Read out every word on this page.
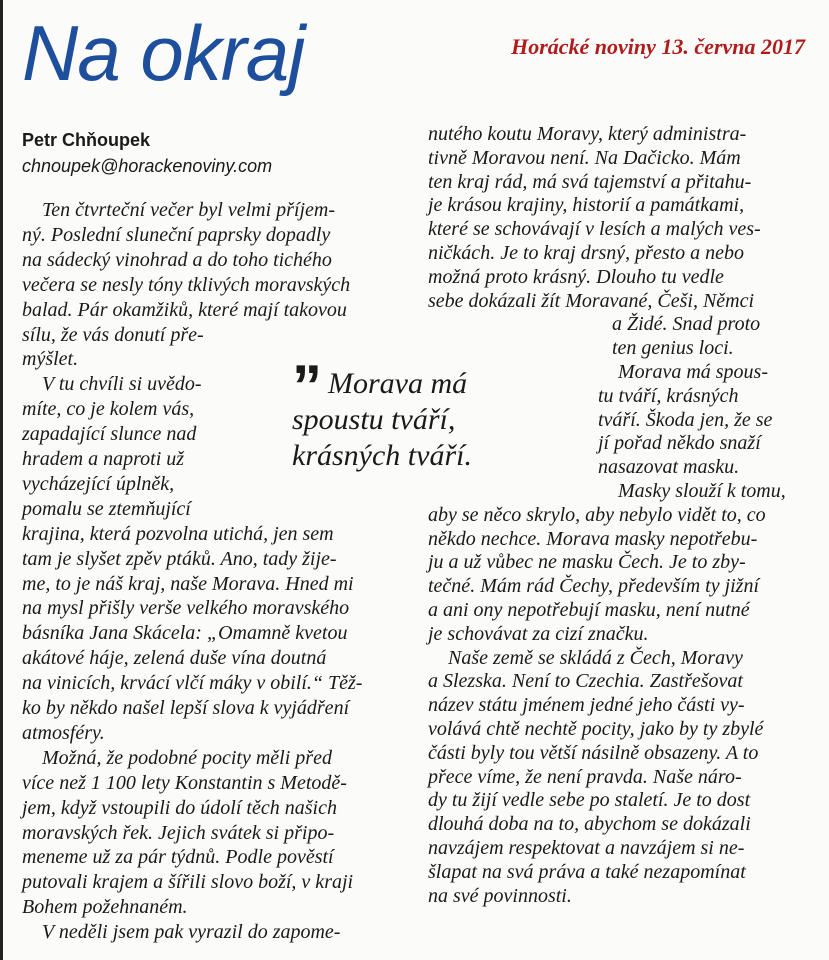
Na okraj	Horácké noviny 13. června 2017
Petr Chňoupek
chnoupek@horackenoviny.com
Ten čtvrteční večer byl velmi příjem-
ný. Poslední sluneční paprsky dopadly
na sádecký vinohrad a do toho tichého
večera se nesly tóny tklivých moravských
balad. Pár okamžiků, které mají takovou
sílu, že vás donutí pře-
mýšlet.
V tu chvíli si uvědo-
míte, co je kolem vás,
zapadající slunce nad
hradem a naproti už
vycházející úplněk,
pomalu se ztemňující
krajina, která pozvolna utichá, jen sem
tam je slyšet zpěv ptáků. Ano, tady žije-
me, to je náš kraj, naše Morava. Hned mi
na mysl přišly verše velkého moravského
básníka Jana Skácela: „Omamně kvetou
akátové háje, zelená duše vína doutná
na vinicích, krvácí vlčí máky v obilí.“ Těž-
ko by někdo našel lepší slova k vyjádření
atmosféry.
Možná, že podobné pocity měli před
více než 1 100 lety Konstantin s Metodě-
jem, když vstoupili do údolí těch našich
moravských řek. Jejich svátek si připo-
meneme už za pár týdnů. Podle pověstí
putovali krajem a šířili slovo boží, v kraji
Bohem požehnaném.
V neděli jsem pak vyrazil do zapome-
nutého koutu Moravy, který administra-
tivně Moravou není. Na Dačicko. Mám
ten kraj rád, má svá tajemství a přitahu-
je krásou krajiny, historií a památkami,
které se schovávají v lesích a malých ves-
ničkách. Je to kraj drsný, přesto a nebo
možná proto krásný. Dlouho tu vedle
sebe dokázali žít Moravané, Češi, Němci
a Židé. Snad proto
ten genius loci.
Morava má spous-
tu tváří, krásných
tváří. Škoda jen, že se
jí pořad někdo snaží
nasazovat masku.
Masky slouží k tomu,
aby se něco skrylo, aby nebylo vidět to, co
někdo nechce. Morava masky nepotřebu-
ju a už vůbec ne masku Čech. Je to zby-
tečné. Mám rád Čechy, především ty jižní
a ani ony nepotřebují masku, není nutné
je schovávat za cizí značku.
Naše země se skládá z Čech, Moravy
a Slezska. Není to Czechia. Zastřešovat
název státu jménem jedné jeho části vy-
volává chtě nechtě pocity, jako by ty zbylé
části byly tou větší násilně obsazeny. A to
přece víme, že není pravda. Naše náro-
dy tu žijí vedle sebe po staletí. Je to dost
dlouhá doba na to, abychom se dokázali
navzájem respektovat a navzájem si ne-
šlapat na svá práva a také nezapomínat
na své povinnosti.
” Morava má
spoustu tváří,
krásných tváří.
